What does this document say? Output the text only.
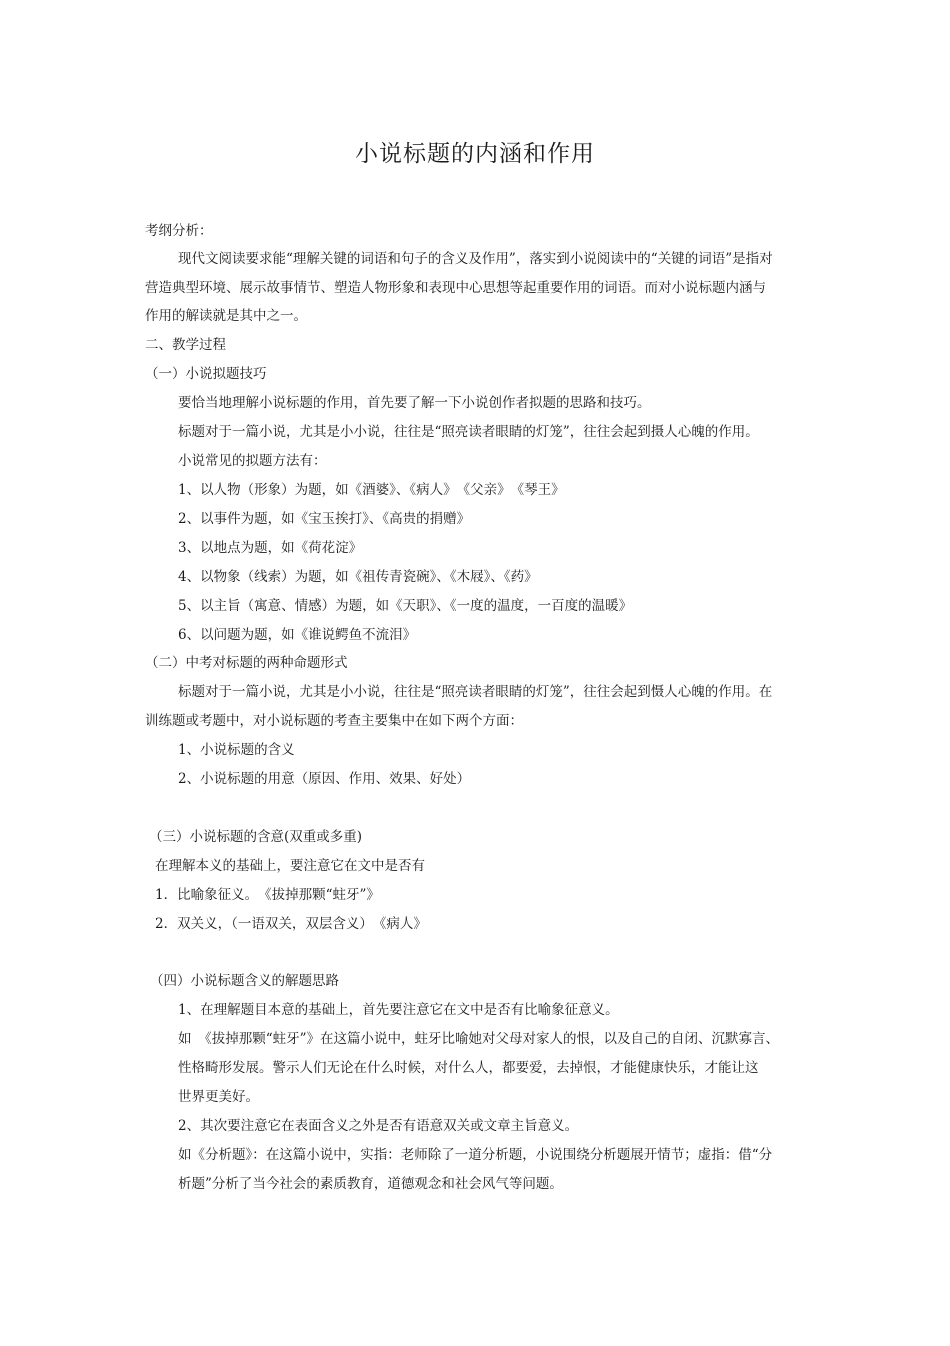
小说标题的内涵和作用
考纲分析：
现代文阅读要求能“理解关键的词语和句子的含义及作用”，落实到小说阅读中的“关键的词语”是指对
营造典型环境、展示故事情节、塑造人物形象和表现中心思想等起重要作用的词语。而对小说标题内涵与
作用的解读就是其中之一。
二、教学过程
（一）小说拟题技巧
要恰当地理解小说标题的作用，首先要了解一下小说创作者拟题的思路和技巧。
标题对于一篇小说，尤其是小小说，往往是“照亮读者眼睛的灯笼”，往往会起到摄人心魄的作用。
小说常见的拟题方法有：
1、以人物（形象）为题，如《酒婆》、《病人》　《父亲》　《琴王》
2、以事件为题，如《宝玉挨打》、《高贵的捐赠》
3、以地点为题，如《荷花淀》
4、以物象（线索）为题，如《祖传青瓷碗》、《木屐》、《药》
5、以主旨（寓意、情感）为题，如《天职》、《一度的温度，一百度的温暖》
6、以问题为题，如《谁说鳄鱼不流泪》
（二）中考对标题的两种命题形式
标题对于一篇小说，尤其是小小说，往往是“照亮读者眼睛的灯笼”，往往会起到慑人心魄的作用。在
训练题或考题中，对小说标题的考查主要集中在如下两个方面：
1、小说标题的含义
2、小说标题的用意（原因、作用、效果、好处）
（三）小说标题的含意(双重或多重)
在理解本义的基础上，要注意它在文中是否有
1．比喻象征义。　《拔掉那颗“蛀牙”》
2．双关义，（一语双关，双层含义）　《病人》
（四）小说标题含义的解题思路
1、在理解题目本意的基础上，首先要注意它在文中是否有比喻象征意义。
如　《拔掉那颗“蛀牙”》在这篇小说中，蛀牙比喻她对父母对家人的恨，以及自己的自闭、沉默寡言、
性格畸形发展。警示人们无论在什么时候，对什么人，都要爱，去掉恨，才能健康快乐，才能让这
世界更美好。
2、其次要注意它在表面含义之外是否有语意双关或文章主旨意义。
如《分析题》：在这篇小说中，实指：老师除了一道分析题，小说围绕分析题展开情节；虚指：借“分
析题”分析了当今社会的素质教育，道德观念和社会风气等问题。
